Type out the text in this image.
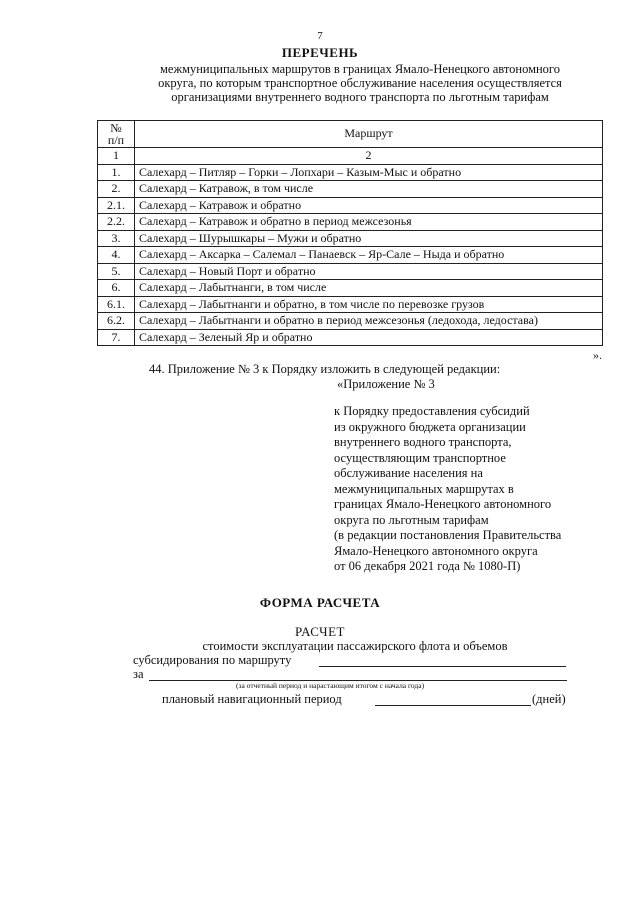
7
ПЕРЕЧЕНЬ
межмуниципальных маршрутов в границах Ямало-Ненецкого автономного
округа, по которым транспортное обслуживание населения осуществляется
организациями внутреннего водного транспорта по льготным тарифам
№
п/п	Маршрут
1	2
1.	Салехард – Питляр – Горки – Лопхари – Казым-Мыс и обратно
2.	Салехард – Катравож, в том числе
2.1.	Салехард – Катравож и обратно
2.2.	Салехард – Катравож и обратно в период межсезонья
3.	Салехард – Шурышкары – Мужи и обратно
4.	Салехард – Аксарка – Салемал – Панаевск – Яр-Сале – Ныда и обратно
5.	Салехард – Новый Порт и обратно
6.	Салехард – Лабытнанги, в том числе
6.1.	Салехард – Лабытнанги и обратно, в том числе по перевозке грузов
6.2.	Салехард – Лабытнанги и обратно в период межсезонья (ледохода, ледостава)
7.	Салехард – Зеленый Яр и обратно
».
44. Приложение № 3 к Порядку изложить в следующей редакции:
«Приложение № 3
к Порядку предоставления субсидий
из окружного бюджета организации
внутреннего водного транспорта,
осуществляющим транспортное
обслуживание населения на
межмуниципальных маршрутах в
границах Ямало-Ненецкого автономного
округа по льготным тарифам
(в редакции постановления Правительства
Ямало-Ненецкого автономного округа
от 06 декабря 2021 года № 1080-П)
ФОРМА РАСЧЕТА
РАСЧЕТ
стоимости эксплуатации пассажирского флота и объемов
субсидирования по маршруту
за
(за отчетный период и нарастающим итогом с начала года)
плановый навигационный период	(дней)
